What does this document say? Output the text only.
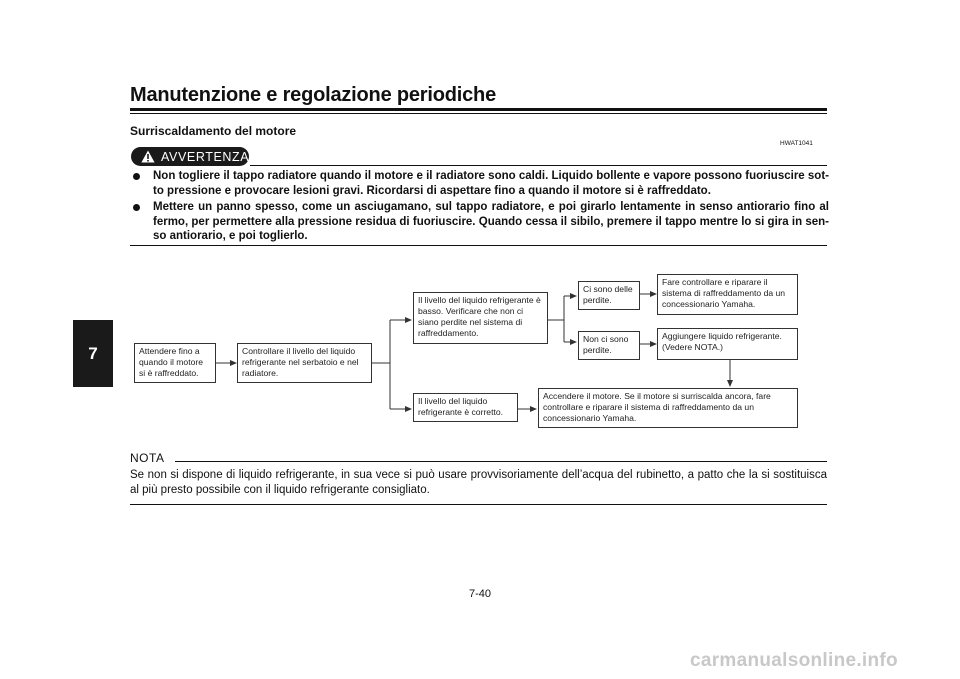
Manutenzione e regolazione periodiche
7
Surriscaldamento del motore
HWAT1041
AVVERTENZA
Non togliere il tappo radiatore quando il motore e il radiatore sono caldi. Liquido bollente e vapore possono fuoriuscire sot-to pressione e provocare lesioni gravi. Ricordarsi di aspettare fino a quando il motore si è raffreddato.
Mettere un panno spesso, come un asciugamano, sul tappo radiatore, e poi girarlo lentamente in senso antiorario fino al fermo, per permettere alla pressione residua di fuoriuscire. Quando cessa il sibilo, premere il tappo mentre lo si gira in sen-so antiorario, e poi toglierlo.
Attendere fino a quando il motore si è raffreddato.
Controllare il livello del liquido refrigerante nel serbatoio e nel radiatore.
Il livello del liquido refrigerante è basso. Verificare che non ci siano perdite nel sistema di raffreddamento.
Il livello del liquido refrigerante è corretto.
Ci sono delle perdite.
Non ci sono perdite.
Fare controllare e riparare il sistema di raffreddamento da un concessionario Yamaha.
Aggiungere liquido refrigerante. (Vedere NOTA.)
Accendere il motore. Se il motore si surriscalda ancora, fare controllare e riparare il sistema di raffreddamento da un concessionario Yamaha.
NOTA
Se non si dispone di liquido refrigerante, in sua vece si può usare provvisoriamente dell’acqua del rubinetto, a patto che la si sostituisca al più presto possibile con il liquido refrigerante consigliato.
7-40
carmanualsonline.info
